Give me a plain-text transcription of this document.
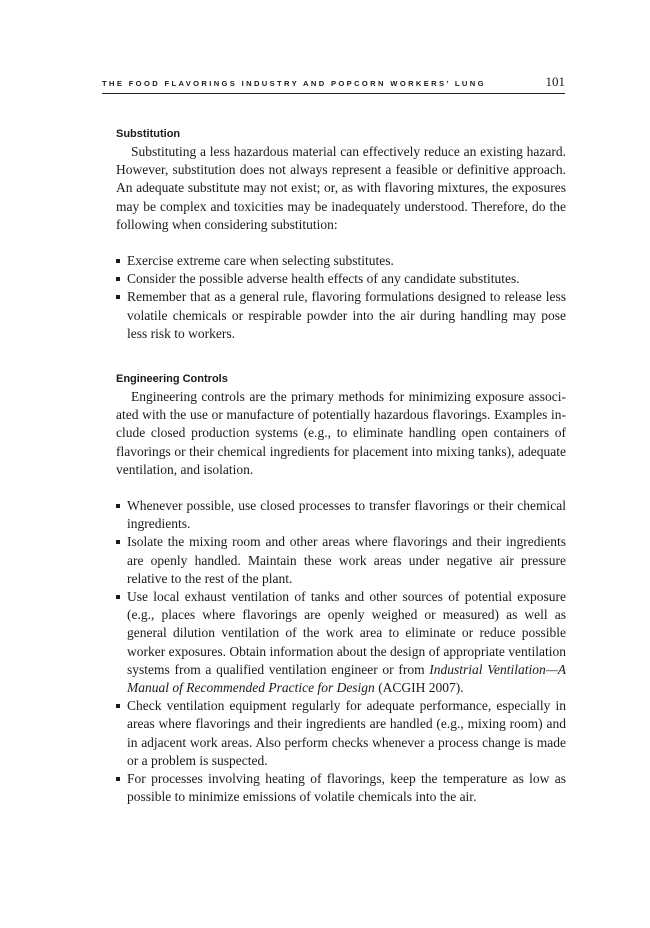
THE FOOD FLAVORINGS INDUSTRY AND POPCORN WORKERS’ LUNG	101
Substitution

Substituting a less hazardous material can effectively reduce an existing hazard. However, substitution does not always represent a feasible or definitive approach. An adequate substitute may not exist; or, as with flavoring mixtures, the exposures may be complex and toxicities may be inadequately understood. Therefore, do the following when considering substitution:

Exercise extreme care when selecting substitutes.
Consider the possible adverse health effects of any candidate substitutes.
Remember that as a general rule, flavoring formulations designed to release less volatile chemicals or respirable powder into the air during handling may pose less risk to workers.
Engineering Controls

Engineering controls are the primary methods for minimizing exposure associated with the use or manufacture of potentially hazardous flavorings. Examples include closed production systems (e.g., to eliminate handling open containers of flavorings or their chemical ingredients for placement into mixing tanks), adequate ventilation, and isolation.

Whenever possible, use closed processes to transfer flavorings or their chemical ingredients.
Isolate the mixing room and other areas where flavorings and their ingredients are openly handled. Maintain these work areas under negative air pressure relative to the rest of the plant.
Use local exhaust ventilation of tanks and other sources of potential exposure (e.g., places where flavorings are openly weighed or measured) as well as general dilution ventilation of the work area to eliminate or reduce possible worker exposures. Obtain information about the design of appropriate ventilation systems from a qualified ventilation engineer or from Industrial Ventilation—A Manual of Recommended Practice for Design (ACGIH 2007).
Check ventilation equipment regularly for adequate performance, especially in areas where flavorings and their ingredients are handled (e.g., mixing room) and in adjacent work areas. Also perform checks whenever a process change is made or a problem is suspected.
For processes involving heating of flavorings, keep the temperature as low as possible to minimize emissions of volatile chemicals into the air.
